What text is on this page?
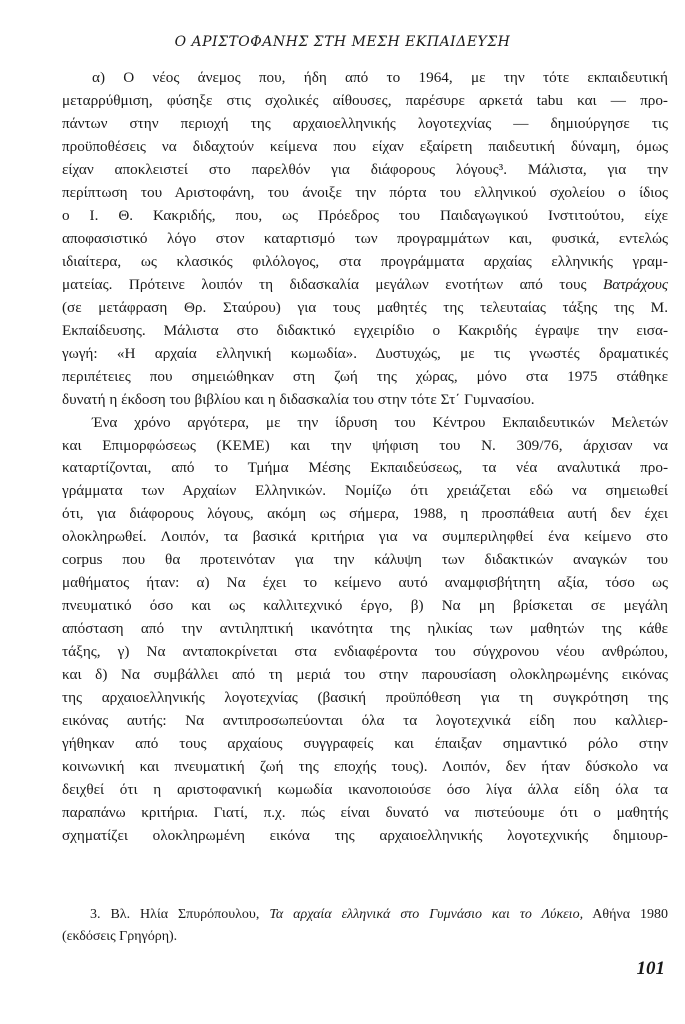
Ο ΑΡΙΣΤΟΦΑΝΗΣ ΣΤΗ ΜΕΣΗ ΕΚΠΑΙΔΕΥΣΗ
α) Ο νέος άνεμος που, ήδη από το 1964, με την τότε εκπαιδευτική
μεταρρύθμιση, φύσηξε στις σχολικές αίθουσες, παρέσυρε αρκετά tabu και — προ-
πάντων στην περιοχή της αρχαιοελληνικής λογοτεχνίας — δημιούργησε τις
προϋποθέσεις να διδαχτούν κείμενα που είχαν εξαίρετη παιδευτική δύναμη, όμως
είχαν αποκλειστεί στο παρελθόν για διάφορους λόγους³. Μάλιστα, για την
περίπτωση του Αριστοφάνη, του άνοιξε την πόρτα του ελληνικού σχολείου ο ίδιος
ο Ι. Θ. Κακριδής, που, ως Πρόεδρος του Παιδαγωγικού Ινστιτούτου, είχε
αποφασιστικό λόγο στον καταρτισμό των προγραμμάτων και, φυσικά, εντελώς
ιδιαίτερα, ως κλασικός φιλόλογος, στα προγράμματα αρχαίας ελληνικής γραμ-
ματείας. Πρότεινε λοιπόν τη διδασκαλία μεγάλων ενοτήτων από τους Βατράχους
(σε μετάφραση Θρ. Σταύρου) για τους μαθητές της τελευταίας τάξης της Μ.
Εκπαίδευσης. Μάλιστα στο διδακτικό εγχειρίδιο ο Κακριδής έγραψε την εισα-
γωγή: «Η αρχαία ελληνική κωμωδία». Δυστυχώς, με τις γνωστές δραματικές
περιπέτειες που σημειώθηκαν στη ζωή της χώρας, μόνο στα 1975 στάθηκε
δυνατή η έκδοση του βιβλίου και η διδασκαλία του στην τότε Στ΄ Γυμνασίου.
Ένα χρόνο αργότερα, με την ίδρυση του Κέντρου Εκπαιδευτικών Μελετών
και Επιμορφώσεως (ΚΕΜΕ) και την ψήφιση του Ν. 309/76, άρχισαν να
καταρτίζονται, από το Τμήμα Μέσης Εκπαιδεύσεως, τα νέα αναλυτικά προ-
γράμματα των Αρχαίων Ελληνικών. Νομίζω ότι χρειάζεται εδώ να σημειωθεί
ότι, για διάφορους λόγους, ακόμη ως σήμερα, 1988, η προσπάθεια αυτή δεν έχει
ολοκληρωθεί. Λοιπόν, τα βασικά κριτήρια για να συμπεριληφθεί ένα κείμενο στο
corpus που θα προτεινόταν για την κάλυψη των διδακτικών αναγκών του
μαθήματος ήταν: α) Να έχει το κείμενο αυτό αναμφισβήτητη αξία, τόσο ως
πνευματικό όσο και ως καλλιτεχνικό έργο, β) Να μη βρίσκεται σε μεγάλη
απόσταση από την αντιληπτική ικανότητα της ηλικίας των μαθητών της κάθε
τάξης, γ) Να ανταποκρίνεται στα ενδιαφέροντα του σύγχρονου νέου ανθρώπου,
και δ) Να συμβάλλει από τη μεριά του στην παρουσίαση ολοκληρωμένης εικόνας
της αρχαιοελληνικής λογοτεχνίας (βασική προϋπόθεση για τη συγκρότηση της
εικόνας αυτής: Να αντιπροσωπεύονται όλα τα λογοτεχνικά είδη που καλλιερ-
γήθηκαν από τους αρχαίους συγγραφείς και έπαιξαν σημαντικό ρόλο στην
κοινωνική και πνευματική ζωή της εποχής τους). Λοιπόν, δεν ήταν δύσκολο να
δειχθεί ότι η αριστοφανική κωμωδία ικανοποιούσε όσο λίγα άλλα είδη όλα τα
παραπάνω κριτήρια. Γιατί, π.χ. πώς είναι δυνατό να πιστεύουμε ότι ο μαθητής
σχηματίζει ολοκληρωμένη εικόνα της αρχαιοελληνικής λογοτεχνικής δημιουρ-
3. Βλ. Ηλία Σπυρόπουλου, Τα αρχαία ελληνικά στο Γυμνάσιο και το Λύκειο, Αθήνα 1980
(εκδόσεις Γρηγόρη).
101
